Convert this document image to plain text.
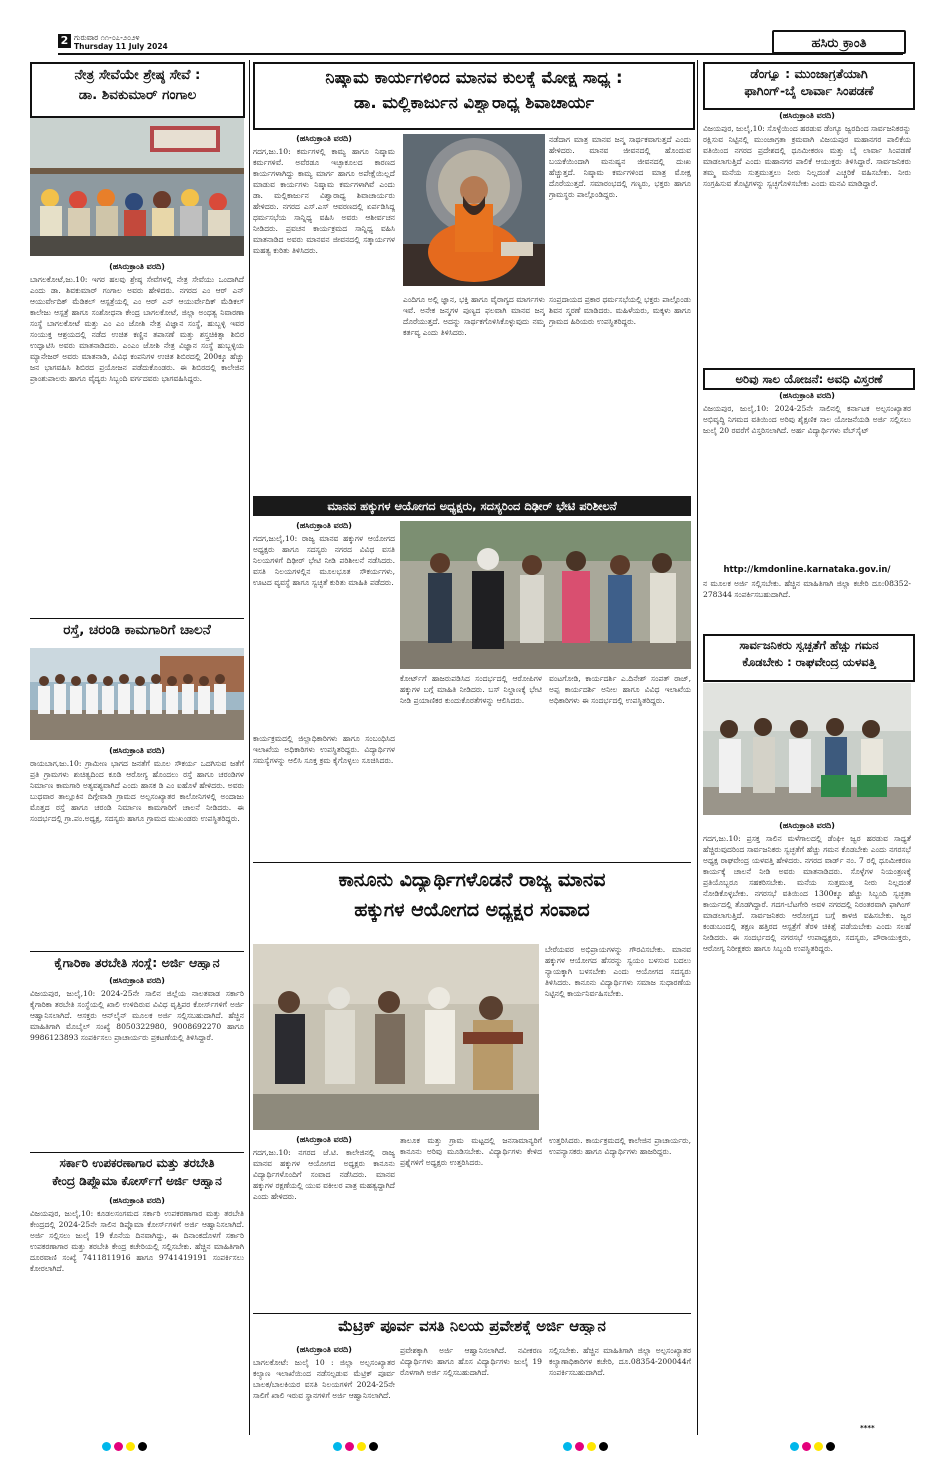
2 ಗುರುವಾರ ೧೧-೦೭-೨೦೨೪
Thursday 11 July 2024	ಹಸಿರು ಕ್ರಾಂತಿ
ನೇತ್ರ ಸೇವೆಯೇ ಶ್ರೇಷ್ಠ ಸೇವೆ :
ಡಾ. ಶಿವಕುಮಾರ್ ಗಂಗಾಲ
(ಹಸಿರುಕ್ರಾಂತಿ ವರದಿ)
ಬಾಗಲಕೋಟೆ,ಜು.10: ಇಗರ ಹಲವು ಶ್ರೇಷ್ಠ ಸೇವೆಗಳಲ್ಲಿ ನೇತ್ರ ಸೇವೆಯು ಒಂದಾಗಿದೆ ಎಂದು ಡಾ. ಶಿವಕುಮಾರ್ ಗಂಗಾಲ ಅವರು ಹೇಳಿದರು. ನಗರದ ಎಂ ಆರ್ ಎನ್ ಆಯುರ್ವೇದಿಕ್ ಮೆಡಿಕಲ್ ಆಸ್ಪತ್ರೆಯಲ್ಲಿ ಎಂ ಆರ್ ಎನ್ ಆಯುರ್ವೇದಿಕ್ ಮೆಡಿಕಲ್ ಕಾಲೇಜು ಆಸ್ಪತ್ರೆ ಹಾಗೂ ಸಂಶೋಧನಾ ಕೇಂದ್ರ ಬಾಗಲಕೋಟೆ, ಜಿಲ್ಲಾ ಅಂಧತ್ವ ನಿವಾರಣಾ ಸಂಸ್ಥೆ ಬಾಗಲಕೋಟೆ ಮತ್ತು ಎಂ ಎಂ ಜೋಶಿ ನೇತ್ರ ವಿಜ್ಞಾನ ಸಂಸ್ಥೆ, ಹುಬ್ಬಳ್ಳಿ ಇವರ ಸಂಯುಕ್ತ ಆಶ್ರಯದಲ್ಲಿ ನಡೆದ ಉಚಿತ ಕಣ್ಣಿನ ತಪಾಸಣೆ ಮತ್ತು ಶಸ್ತ್ರಚಿಕಿತ್ಸಾ ಶಿಬಿರ ಉದ್ಘಾಟಿಸಿ ಅವರು ಮಾತನಾಡಿದರು. ಎಂಎಂ ಜೋಶಿ ನೇತ್ರ ವಿಜ್ಞಾನ ಸಂಸ್ಥೆ ಹುಬ್ಬಳ್ಳಿಯ ಮ್ಯಾನೇಜರ್ ಅವರು ಮಾತನಾಡಿ, ವಿವಿಧ ಕಂಪನಿಗಳ ಉಚಿತ ಶಿಬಿರದಲ್ಲಿ 200ಕ್ಕೂ ಹೆಚ್ಚು ಜನ ಭಾಗವಹಿಸಿ ಶಿಬಿರದ ಪ್ರಯೋಜನ ಪಡೆದುಕೊಂಡರು. ಈ ಶಿಬಿರದಲ್ಲಿ ಕಾಲೇಜಿನ ಪ್ರಾಂಶುಪಾಲರು ಹಾಗೂ ವೈದ್ಯರು ಸಿಬ್ಬಂದಿ ವರ್ಗದವರು ಭಾಗವಹಿಸಿದ್ದರು.
ರಸ್ತೆ, ಚರಂಡಿ ಕಾಮಗಾರಿಗೆ ಚಾಲನೆ
(ಹಸಿರುಕ್ರಾಂತಿ ವರದಿ)
ರಾಯಬಾಗ,ಜು.10: ಗ್ರಾಮೀಣ ಭಾಗದ ಜನತೆಗೆ ಮೂಲ ಸೌಕರ್ಯ ಒದಗಿಸುವ ಜತೆಗೆ ಪ್ರತಿ ಗ್ರಾಮಗಳು ಶುಚಿತ್ವದಿಂದ ಕೂಡಿ ಆರೋಗ್ಯ ಹೊಂದಲು ರಸ್ತೆ ಹಾಗೂ ಚರಂಡಿಗಳ ನಿರ್ಮಾಣ ಕಾಮಗಾರಿ ಅತ್ಯವಶ್ಯವಾಗಿದೆ ಎಂದು ಹಾಸಕ ಡಿ ಎಂ ಐಹೊಳೆ ಹೇಳಿದರು. ಅವರು ಬುಧವಾರ ತಾಲ್ಲೂಕಿನ ದಿಗ್ಗೇವಾಡಿ ಗ್ರಾಮದ ಅಲ್ಪಸಂಖ್ಯಾತರ ಕಾಲೋನಿಗಳಲ್ಲಿ ಅಂದಾಜು ಮೊತ್ತದ ರಸ್ತೆ ಹಾಗೂ ಚರಂಡಿ ನಿರ್ಮಾಣ ಕಾಮಗಾರಿಗೆ ಚಾಲನೆ ನೀಡಿದರು. ಈ ಸಂದರ್ಭದಲ್ಲಿ ಗ್ರಾ.ಪಂ.ಅಧ್ಯಕ್ಷ, ಸದಸ್ಯರು ಹಾಗೂ ಗ್ರಾಮದ ಮುಖಂಡರು ಉಪಸ್ಥಿತರಿದ್ದರು.
ಕೈಗಾರಿಕಾ ತರಬೇತಿ ಸಂಸ್ಥೆ: ಅರ್ಜಿ ಆಹ್ವಾನ
(ಹಸಿರುಕ್ರಾಂತಿ ವರದಿ)
ವಿಜಯಪುರ, ಜುಲೈ,10: 2024-25ನೇ ಸಾಲಿನ ಜಿಲ್ಲೆಯ ನಾಲತವಾಡ ಸರ್ಕಾರಿ ಕೈಗಾರಿಕಾ ತರಬೇತಿ ಸಂಸ್ಥೆಯಲ್ಲಿ ಖಾಲಿ ಉಳಿದಿರುವ ವಿವಿಧ ವೃತ್ತಿಪರ ಕೋರ್ಸ್‌ಗಳಿಗೆ ಅರ್ಜಿ ಆಹ್ವಾನಿಸಲಾಗಿದೆ. ಆಸಕ್ತರು ಆನ್‌ಲೈನ್ ಮೂಲಕ ಅರ್ಜಿ ಸಲ್ಲಿಸಬಹುದಾಗಿದೆ. ಹೆಚ್ಚಿನ ಮಾಹಿತಿಗಾಗಿ ಮೊಬೈಲ್ ಸಂಖ್ಯೆ 8050322980, 9008692270 ಹಾಗೂ 9986123893 ಸಂಪರ್ಕಿಸಲು ಪ್ರಾಚಾರ್ಯರು ಪ್ರಕಟಣೆಯಲ್ಲಿ ತಿಳಿಸಿದ್ದಾರೆ.
ಸರ್ಕಾರಿ ಉಪಕರಣಾಗಾರ ಮತ್ತು ತರಬೇತಿ
ಕೇಂದ್ರ ಡಿಪ್ಲೊಮಾ ಕೋರ್ಸ್‌ಗೆ ಅರ್ಜಿ ಆಹ್ವಾನ
(ಹಸಿರುಕ್ರಾಂತಿ ವರದಿ)
ವಿಜಯಪುರ, ಜುಲೈ,10: ಕೂಡಲಸಂಗಮದ ಸರ್ಕಾರಿ ಉಪಕರಣಾಗಾರ ಮತ್ತು ತರಬೇತಿ ಕೇಂದ್ರದಲ್ಲಿ 2024-25ನೇ ಸಾಲಿನ ಡಿಪ್ಲೊಮಾ ಕೋರ್ಸ್‌ಗಳಿಗೆ ಅರ್ಜಿ ಆಹ್ವಾನಿಸಲಾಗಿದೆ. ಅರ್ಜಿ ಸಲ್ಲಿಸಲು ಜುಲೈ 19 ಕೊನೆಯ ದಿನವಾಗಿದ್ದು, ಈ ದಿನಾಂಕದೊಳಗೆ ಸರ್ಕಾರಿ ಉಪಕರಣಾಗಾರ ಮತ್ತು ತರಬೇತಿ ಕೇಂದ್ರ ಕಚೇರಿಯಲ್ಲಿ ಸಲ್ಲಿಸಬೇಕು. ಹೆಚ್ಚಿನ ಮಾಹಿತಿಗಾಗಿ ದೂರವಾಣಿ ಸಂಖ್ಯೆ 7411811916 ಹಾಗೂ 9741419191 ಸಂಪರ್ಕಿಸಲು ಕೋರಲಾಗಿದೆ.
ನಿಷ್ಕಾಮ ಕಾರ್ಯಗಳಿಂದ ಮಾನವ ಕುಲಕ್ಕೆ ಮೋಕ್ಷ ಸಾಧ್ಯ :
ಡಾ. ಮಲ್ಲಿಕಾರ್ಜುನ ವಿಶ್ವಾರಾಧ್ಯ ಶಿವಾಚಾರ್ಯ
(ಹಸಿರುಕ್ರಾಂತಿ ವರದಿ)
ಗದಗ,ಜು.10: ಕರ್ಮಗಳಲ್ಲಿ ಕಾಮ್ಯ ಹಾಗೂ ನಿಷ್ಕಾಮ ಕರ್ಮಗಳಿವೆ. ಅವೆರಡೂ ಇಚ್ಛಾಕೂಲದ ಕಾರಣದ ಕಾರ್ಯಗಳಾಗಿದ್ದು ಕಾಮ್ಯ ಮಾರ್ಗ ಹಾಗೂ ಅಪೇಕ್ಷೆಯಿಲ್ಲದೆ ಮಾಡುವ ಕಾರ್ಯಗಳು ನಿಷ್ಕಾಮ ಕರ್ಮಗಳಾಗಿವೆ ಎಂದು ಡಾ. ಮಲ್ಲಿಕಾರ್ಜುನ ವಿಶ್ವಾರಾಧ್ಯ ಶಿವಾಚಾರ್ಯರು ಹೇಳಿದರು. ನಗರದ ಎಸ್.ಎಸ್ ಆವರಣದಲ್ಲಿ ಏರ್ಪಡಿಸಿದ್ದ ಧರ್ಮಸಭೆಯ ಸಾನ್ನಿಧ್ಯ ವಹಿಸಿ ಅವರು ಆಶೀರ್ವಚನ ನೀಡಿದರು. ಪ್ರವಚನ ಕಾರ್ಯಕ್ರಮದ ಸಾನ್ನಿಧ್ಯ ವಹಿಸಿ ಮಾತನಾಡಿದ ಅವರು ಮಾನವನ ಜೀವನದಲ್ಲಿ ಸತ್ಕಾರ್ಯಗಳ ಮಹತ್ವ ಕುರಿತು ತಿಳಿಸಿದರು.
ನಡೆದಾಗ ಮಾತ್ರ ಮಾನವ ಜನ್ಮ ಸಾರ್ಥಕವಾಗುತ್ತದೆ ಎಂದು ಹೇಳಿದರು. ಮಾನವ ಜೀವನದಲ್ಲಿ ಹೊಂದುವ ಬಯಕೆಯಿಂದಾಗಿ ಮನುಷ್ಯನ ಜೀವನದಲ್ಲಿ ದುಃಖ ಹೆಚ್ಚುತ್ತದೆ. ನಿಷ್ಕಾಮ ಕರ್ಮಗಳಿಂದ ಮಾತ್ರ ಮೋಕ್ಷ ದೊರೆಯುತ್ತದೆ. ಸಮಾರಂಭದಲ್ಲಿ ಗಣ್ಯರು, ಭಕ್ತರು ಹಾಗೂ ಗ್ರಾಮಸ್ಥರು ಪಾಲ್ಗೊಂಡಿದ್ದರು.
ಎಂದಿಗೂ ಅಲ್ಲಿ ಜ್ಞಾನ, ಭಕ್ತಿ ಹಾಗೂ ವೈರಾಗ್ಯದ ಮಾರ್ಗಗಳು ಇವೆ. ಅನೇಕ ಜನ್ಮಗಳ ಪುಣ್ಯದ ಫಲವಾಗಿ ಮಾನವ ಜನ್ಮ ದೊರೆಯುತ್ತದೆ. ಅದನ್ನು ಸಾರ್ಥಕಗೊಳಿಸಿಕೊಳ್ಳುವುದು ನಮ್ಮ ಕರ್ತವ್ಯ ಎಂದು ತಿಳಿಸಿದರು.
ಸಂಪ್ರದಾಯದ ಪ್ರಕಾರ ಧರ್ಮಸಭೆಯಲ್ಲಿ ಭಕ್ತರು ಪಾಲ್ಗೊಂಡು ಶಿವನ ಸ್ಮರಣೆ ಮಾಡಿದರು. ಮಹಿಳೆಯರು, ಮಕ್ಕಳು ಹಾಗೂ ಗ್ರಾಮದ ಹಿರಿಯರು ಉಪಸ್ಥಿತರಿದ್ದರು.
ಮಾನವ ಹಕ್ಕುಗಳ ಆಯೋಗದ ಅಧ್ಯಕ್ಷರು, ಸದಸ್ಯರಿಂದ ದಿಢೀರ್ ಭೇಟಿ ಪರಿಶೀಲನೆ
(ಹಸಿರುಕ್ರಾಂತಿ ವರದಿ)
ಗದಗ,ಜುಲೈ,10: ರಾಜ್ಯ ಮಾನವ ಹಕ್ಕುಗಳ ಆಯೋಗದ ಅಧ್ಯಕ್ಷರು ಹಾಗೂ ಸದಸ್ಯರು ನಗರದ ವಿವಿಧ ವಸತಿ ನಿಲಯಗಳಿಗೆ ದಿಢೀರ್ ಭೇಟಿ ನೀಡಿ ಪರಿಶೀಲನೆ ನಡೆಸಿದರು. ವಸತಿ ನಿಲಯಗಳಲ್ಲಿನ ಮೂಲಭೂತ ಸೌಕರ್ಯಗಳು, ಊಟದ ವ್ಯವಸ್ಥೆ ಹಾಗೂ ಸ್ವಚ್ಛತೆ ಕುರಿತು ಮಾಹಿತಿ ಪಡೆದರು.
ಕಾರ್ಯಕ್ರಮದಲ್ಲಿ ಜಿಲ್ಲಾಧಿಕಾರಿಗಳು ಹಾಗೂ ಸಂಬಂಧಿಸಿದ ಇಲಾಖೆಯ ಅಧಿಕಾರಿಗಳು ಉಪಸ್ಥಿತರಿದ್ದರು. ವಿದ್ಯಾರ್ಥಿಗಳ ಸಮಸ್ಯೆಗಳನ್ನು ಆಲಿಸಿ ಸೂಕ್ತ ಕ್ರಮ ಕೈಗೊಳ್ಳಲು ಸೂಚಿಸಿದರು.
ಕೋರ್ಟ್‌ಗೆ ಹಾಜರುಪಡಿಸಿದ ಸಂದರ್ಭದಲ್ಲಿ ಆರೋಪಿಗಳ ಹಕ್ಕುಗಳ ಬಗ್ಗೆ ಮಾಹಿತಿ ನೀಡಿದರು. ಬಸ್ ನಿಲ್ದಾಣಕ್ಕೆ ಭೇಟಿ ನೀಡಿ ಪ್ರಯಾಣಿಕರ ಕುಂದುಕೊರತೆಗಳನ್ನು ಆಲಿಸಿದರು.
ವಂಟಗೋಡಿ, ಕಾರ್ಯದರ್ಶಿ ಎ.ದಿನೇಶ್ ಸಂಪತ್ ರಾಜ್, ಅಪ್ಪ ಕಾರ್ಯದರ್ಶಿ ಅನೀಲ ಹಾಗೂ ವಿವಿಧ ಇಲಾಖೆಯ ಅಧಿಕಾರಿಗಳು ಈ ಸಂದರ್ಭದಲ್ಲಿ ಉಪಸ್ಥಿತರಿದ್ದರು.
ಕಾನೂನು ವಿದ್ಯಾರ್ಥಿಗಳೊಡನೆ ರಾಜ್ಯ ಮಾನವ
ಹಕ್ಕುಗಳ ಆಯೋಗದ ಅಧ್ಯಕ್ಷರ ಸಂವಾದ
ಬೇರೆಯವರ ಅಭಿಪ್ರಾಯಗಳನ್ನು ಗೌರವಿಸಬೇಕು. ಮಾನವ ಹಕ್ಕುಗಳ ಆಯೋಗದ ಹೆಸರನ್ನು ಸ್ವಯಂ ಬಳಸುವ ಬದಲು ನ್ಯಾಯಕ್ಕಾಗಿ ಬಳಸಬೇಕು ಎಂದು ಆಯೋಗದ ಸದಸ್ಯರು ತಿಳಿಸಿದರು. ಕಾನೂನು ವಿದ್ಯಾರ್ಥಿಗಳು ಸಮಾಜ ಸುಧಾರಣೆಯ ನಿಟ್ಟಿನಲ್ಲಿ ಕಾರ್ಯನಿರ್ವಹಿಸಬೇಕು.
(ಹಸಿರುಕ್ರಾಂತಿ ವರದಿ)
ಗದಗ,ಜು.10: ನಗರದ ಜೆ.ಟಿ. ಕಾಲೇಜಿನಲ್ಲಿ ರಾಜ್ಯ ಮಾನವ ಹಕ್ಕುಗಳ ಆಯೋಗದ ಅಧ್ಯಕ್ಷರು ಕಾನೂನು ವಿದ್ಯಾರ್ಥಿಗಳೊಂದಿಗೆ ಸಂವಾದ ನಡೆಸಿದರು. ಮಾನವ ಹಕ್ಕುಗಳ ರಕ್ಷಣೆಯಲ್ಲಿ ಯುವ ವಕೀಲರ ಪಾತ್ರ ಮಹತ್ವದ್ದಾಗಿದೆ ಎಂದು ಹೇಳಿದರು.
ತಾಲೂಕ ಮತ್ತು ಗ್ರಾಮ ಮಟ್ಟದಲ್ಲಿ ಜನಸಾಮಾನ್ಯರಿಗೆ ಕಾನೂನು ಅರಿವು ಮೂಡಿಸಬೇಕು. ವಿದ್ಯಾರ್ಥಿಗಳು ಕೇಳಿದ ಪ್ರಶ್ನೆಗಳಿಗೆ ಅಧ್ಯಕ್ಷರು ಉತ್ತರಿಸಿದರು.
ಉತ್ತರಿಸಿದರು. ಕಾರ್ಯಕ್ರಮದಲ್ಲಿ ಕಾಲೇಜಿನ ಪ್ರಾಚಾರ್ಯರು, ಉಪನ್ಯಾಸಕರು ಹಾಗೂ ವಿದ್ಯಾರ್ಥಿಗಳು ಹಾಜರಿದ್ದರು.
ಮೆಟ್ರಿಕ್ ಪೂರ್ವ ವಸತಿ ನಿಲಯ ಪ್ರವೇಶಕ್ಕೆ ಅರ್ಜಿ ಆಹ್ವಾನ
(ಹಸಿರುಕ್ರಾಂತಿ ವರದಿ)
ಬಾಗಲಕೋಟೆ: ಜುಲೈ 10 : ಜಿಲ್ಲಾ ಅಲ್ಪಸಂಖ್ಯಾತರ ಕಲ್ಯಾಣ ಇಲಾಖೆಯಿಂದ ನಡೆಸಲ್ಪಡುವ ಮೆಟ್ರಿಕ್ ಪೂರ್ವ ಬಾಲಕ/ಬಾಲಕಿಯರ ವಸತಿ ನಿಲಯಗಳಿಗೆ 2024-25ನೇ ಸಾಲಿಗೆ ಖಾಲಿ ಇರುವ ಸ್ಥಾನಗಳಿಗೆ ಅರ್ಜಿ ಆಹ್ವಾನಿಸಲಾಗಿದೆ.
ಪ್ರವೇಶಕ್ಕಾಗಿ ಅರ್ಜಿ ಆಹ್ವಾನಿಸಲಾಗಿದೆ. ನವೀಕರಣ ವಿದ್ಯಾರ್ಥಿಗಳು ಹಾಗೂ ಹೊಸ ವಿದ್ಯಾರ್ಥಿಗಳು ಜುಲೈ 19 ರೊಳಗಾಗಿ ಅರ್ಜಿ ಸಲ್ಲಿಸಬಹುದಾಗಿದೆ.
ಸಲ್ಲಿಸಬೇಕು. ಹೆಚ್ಚಿನ ಮಾಹಿತಿಗಾಗಿ ಜಿಲ್ಲಾ ಅಲ್ಪಸಂಖ್ಯಾತರ ಕಲ್ಯಾಣಾಧಿಕಾರಿಗಳ ಕಚೇರಿ, ದೂ.08354-200044ಗೆ ಸಂಪರ್ಕಿಸಬಹುದಾಗಿದೆ.
ಡೆಂಗ್ಯೂ : ಮುಂಜಾಗ್ರತೆಯಾಗಿ
ಫಾಗಿಂಗ್-ಬೈ ಲಾರ್ವಾ ಸಿಂಪಡಣೆ
(ಹಸಿರುಕ್ರಾಂತಿ ವರದಿ)
ವಿಜಯಪುರ, ಜುಲೈ,10: ಸೊಳ್ಳೆಯಿಂದ ಹರಡುವ ಡೆಂಗ್ಯೂ ಜ್ವರದಿಂದ ಸಾರ್ವಜನಿಕರನ್ನು ರಕ್ಷಿಸುವ ನಿಟ್ಟಿನಲ್ಲಿ ಮುಂಜಾಗ್ರತಾ ಕ್ರಮವಾಗಿ ವಿಜಯಪುರ ಮಹಾನಗರ ಪಾಲಿಕೆಯ ವತಿಯಿಂದ ನಗರದ ಪ್ರದೇಶದಲ್ಲಿ ಧೂಮೀಕರಣ ಮತ್ತು ಬೈ ಲಾರ್ವಾ ಸಿಂಪಡಣೆ ಮಾಡಲಾಗುತ್ತಿದೆ ಎಂದು ಮಹಾನಗರ ಪಾಲಿಕೆ ಆಯುಕ್ತರು ತಿಳಿಸಿದ್ದಾರೆ. ಸಾರ್ವಜನಿಕರು ತಮ್ಮ ಮನೆಯ ಸುತ್ತಮುತ್ತಲು ನೀರು ನಿಲ್ಲದಂತೆ ಎಚ್ಚರಿಕೆ ವಹಿಸಬೇಕು. ನೀರು ಸಂಗ್ರಹಿಸುವ ತೊಟ್ಟಿಗಳನ್ನು ಸ್ವಚ್ಛಗೊಳಿಸಬೇಕು ಎಂದು ಮನವಿ ಮಾಡಿದ್ದಾರೆ.
ಅರಿವು ಸಾಲ ಯೋಜನೆ: ಅವಧಿ ವಿಸ್ತರಣೆ
(ಹಸಿರುಕ್ರಾಂತಿ ವರದಿ)
ವಿಜಯಪುರ, ಜುಲೈ,10: 2024-25ನೇ ಸಾಲಿನಲ್ಲಿ ಕರ್ನಾಟಕ ಅಲ್ಪಸಂಖ್ಯಾತರ ಅಭಿವೃದ್ಧಿ ನಿಗಮದ ವತಿಯಿಂದ ಅರಿವು ಶೈಕ್ಷಣಿಕ ಸಾಲ ಯೋಜನೆಯಡಿ ಅರ್ಜಿ ಸಲ್ಲಿಸಲು ಜುಲೈ 20 ರವರೆಗೆ ವಿಸ್ತರಿಸಲಾಗಿದೆ. ಅರ್ಹ ವಿದ್ಯಾರ್ಥಿಗಳು ವೆಬ್‌ಸೈಟ್
http://kmdonline.karnataka.gov.in/
ನ ಮೂಲಕ ಅರ್ಜಿ ಸಲ್ಲಿಸಬೇಕು. ಹೆಚ್ಚಿನ ಮಾಹಿತಿಗಾಗಿ ಜಿಲ್ಲಾ ಕಚೇರಿ ದೂ:08352-278344 ಸಂಪರ್ಕಿಸಬಹುದಾಗಿದೆ.
ಸಾರ್ವಜನಿಕರು ಸ್ವಚ್ಛತೆಗೆ ಹೆಚ್ಚು ಗಮನ
ಕೊಡಬೇಕು : ರಾಘವೇಂದ್ರ ಯಳವತ್ತಿ
(ಹಸಿರುಕ್ರಾಂತಿ ವರದಿ)
ಗದಗ,ಜು.10: ಪ್ರಸಕ್ತ ಸಾಲಿನ ಮಳೆಗಾಲದಲ್ಲಿ ಡೆಂಘೀ ಜ್ವರ ಹರಡುವ ಸಾಧ್ಯತೆ ಹೆಚ್ಚಿರುವುದರಿಂದ ಸಾರ್ವಜನಿಕರು ಸ್ವಚ್ಛತೆಗೆ ಹೆಚ್ಚು ಗಮನ ಕೊಡಬೇಕು ಎಂದು ನಗರಸಭೆ ಅಧ್ಯಕ್ಷ ರಾಘವೇಂದ್ರ ಯಳವತ್ತಿ ಹೇಳಿದರು. ನಗರದ ವಾರ್ಡ್ ನಂ. 7 ರಲ್ಲಿ ಧೂಮೀಕರಣ ಕಾರ್ಯಕ್ಕೆ ಚಾಲನೆ ನೀಡಿ ಅವರು ಮಾತನಾಡಿದರು. ಸೊಳ್ಳೆಗಳ ನಿಯಂತ್ರಣಕ್ಕೆ ಪ್ರತಿಯೊಬ್ಬರೂ ಸಹಕರಿಸಬೇಕು. ಮನೆಯ ಸುತ್ತಮುತ್ತ ನೀರು ನಿಲ್ಲದಂತೆ ನೋಡಿಕೊಳ್ಳಬೇಕು. ನಗರಸಭೆ ವತಿಯಿಂದ 1300ಕ್ಕೂ ಹೆಚ್ಚು ಸಿಬ್ಬಂದಿ ಸ್ವಚ್ಛತಾ ಕಾರ್ಯದಲ್ಲಿ ತೊಡಗಿದ್ದಾರೆ. ಗದಗ-ಬೆಟಗೇರಿ ಅವಳಿ ನಗರದಲ್ಲಿ ನಿರಂತರವಾಗಿ ಫಾಗಿಂಗ್ ಮಾಡಲಾಗುತ್ತಿದೆ. ಸಾರ್ವಜನಿಕರು ಆರೋಗ್ಯದ ಬಗ್ಗೆ ಕಾಳಜಿ ವಹಿಸಬೇಕು. ಜ್ವರ ಕಂಡುಬಂದಲ್ಲಿ ತಕ್ಷಣ ಹತ್ತಿರದ ಆಸ್ಪತ್ರೆಗೆ ತೆರಳಿ ಚಿಕಿತ್ಸೆ ಪಡೆಯಬೇಕು ಎಂದು ಸಲಹೆ ನೀಡಿದರು. ಈ ಸಂದರ್ಭದಲ್ಲಿ ನಗರಸಭೆ ಉಪಾಧ್ಯಕ್ಷರು, ಸದಸ್ಯರು, ಪೌರಾಯುಕ್ತರು, ಆರೋಗ್ಯ ನಿರೀಕ್ಷಕರು ಹಾಗೂ ಸಿಬ್ಬಂದಿ ಉಪಸ್ಥಿತರಿದ್ದರು.
****
